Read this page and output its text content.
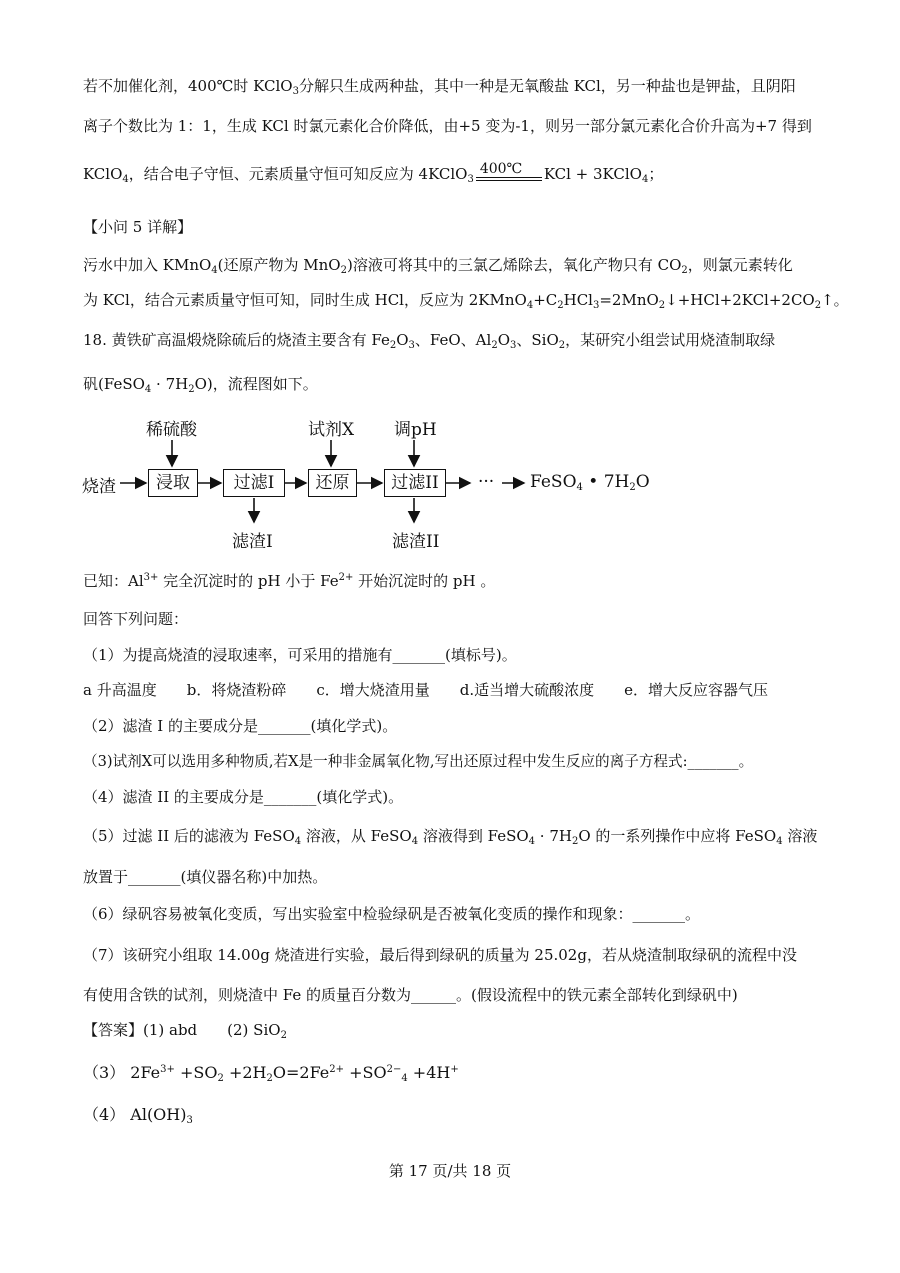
若不加催化剂，400℃时 KClO$_3$分解只生成两种盐，其中一种是无氧酸盐 KCl，另一种盐也是钾盐，且阴阳
离子个数比为 1：1，生成 KCl 时氯元素化合价降低，由+5 变为-1，则另一部分氯元素化合价升高为+7 得到
KClO$_4$，结合电子守恒、元素质量守恒可知反应为 4KClO$_3$
400℃ KCl + 3KClO$_4$；
【小问 5 详解】
污水中加入 KMnO$_4$(还原产物为 MnO$_2$)溶液可将其中的三氯乙烯除去，氧化产物只有 $CO_2$，则氯元素转化
为 KCl，结合元素质量守恒可知，同时生成 HCl，反应为 $2KMnO_4+C_2HCl_3=2MnO_2↓+HCl+2KCl+2CO_2↑$。
18. 黄铁矿高温煅烧除硫后的烧渣主要含有 $Fe_2O_3$、FeO、$Al_2O_3$、SiO$_2$，某研究小组尝试用烧渣制取绿
矾(FeSO$_4$ · $7H_2O$)，流程图如下。
烧渣	浸取	过滤I	还原	过滤II
稀硫酸	试剂X 调pH
滤渣I	滤渣II
··· FeSO$_4$ • $7H_2O$
已知：$Al^{3+}$ 完全沉淀时的 pH 小于 $Fe^{2+}$ 开始沉淀时的 pH 。
回答下列问题：
（1）为提高烧渣的浸取速率，可采用的措施有_______(填标号)。
a 升高温度　　b．将烧渣粉碎　　c．增大烧渣用量　　d.适当增大硫酸浓度　　e．增大反应容器气压
（2）滤渣 I 的主要成分是_______(填化学式)。
（3)试剂X可以选用多种物质,若X是一种非金属氧化物,写出还原过程中发生反应的离子方程式:_______。
（4）滤渣 II 的主要成分是_______(填化学式)。
（5）过滤 II 后的滤液为 FeSO$_4$ 溶液，从 FeSO$_4$ 溶液得到 FeSO$_4$ · $7H_2O$ 的一系列操作中应将 FeSO$_4$ 溶液
放置于_______(填仪器名称)中加热。
（6）绿矾容易被氧化变质，写出实验室中检验绿矾是否被氧化变质的操作和现象：_______。
（7）该研究小组取 14.00g 烧渣进行实验，最后得到绿矾的质量为 25.02g，若从烧渣制取绿矾的流程中没
有使用含铁的试剂，则烧渣中 Fe 的质量百分数为______。(假设流程中的铁元素全部转化到绿矾中)
【答案】(1) abd　　(2) SiO$_2$
（3） $2Fe^{3+} +SO_2 +2H_2O=2Fe^{2+} +SO^{2-}_4 +4H^+$
（4） $Al(OH)_3$
第 17 页/共 18 页
